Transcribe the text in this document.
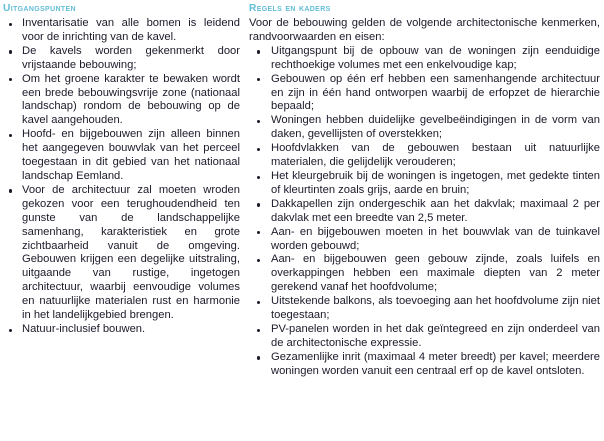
Uitgangspunten
Inventarisatie van alle bomen is leidend voor de inrichting van de kavel.
De kavels worden gekenmerkt door vrijstaande bebouwing;
Om het groene karakter te bewaken wordt een brede bebouwingsvrije zone (nationaal landschap) rondom de bebouwing op de kavel aangehouden.
Hoofd- en bijgebouwen zijn alleen binnen het aangegeven bouwvlak van het perceel toegestaan in dit gebied van het nationaal landschap Eemland.
Voor de architectuur zal moeten wroden gekozen voor een terughoudendheid ten gunste van de landschappelijke samenhang, karakteristiek en grote zichtbaarheid vanuit de omgeving. Gebouwen krijgen een degelijke uitstraling, uitgaande van rustige, ingetogen architectuur, waarbij eenvoudige volumes en natuurlijke materialen rust en harmonie in het landelijkgebied brengen.
Natuur-inclusief bouwen.
Regels en kaders

Voor de bebouwing gelden de volgende architectonische kenmerken, randvoorwaarden en eisen:

Uitgangspunt bij de opbouw van de woningen zijn eenduidige rechthoekige volumes met een enkelvoudige kap;
Gebouwen op één erf hebben een samenhangende architectuur en zijn in één hand ontworpen waarbij de erfopzet de hierarchie bepaald;
Woningen hebben duidelijke gevelbeëindigingen in de vorm van daken, gevellijsten of overstekken;
Hoofdvlakken van de gebouwen bestaan uit natuurlijke materialen, die gelijdelijk verouderen;
Het kleurgebruik bij de woningen is ingetogen, met gedekte tinten of kleurtinten zoals grijs, aarde en bruin;
Dakkapellen zijn ondergeschik aan het dakvlak; maximaal 2 per dakvlak met een breedte van 2,5 meter.
Aan- en bijgebouwen moeten in het bouwvlak van de tuinkavel worden gebouwd;
Aan- en bijgebouwen geen gebouw zijnde, zoals luifels en overkappingen hebben een maximale diepten van 2 meter gerekend vanaf het hoofdvolume;
Uitstekende balkons, als toevoeging aan het hoofdvolume zijn niet toegestaan;
PV-panelen worden in het dak geïntegreed en zijn onderdeel van de architectonische expressie.
Gezamenlijke inrit (maximaal 4 meter breedt) per kavel; meerdere woningen worden vanuit een centraal erf op de kavel ontsloten.
